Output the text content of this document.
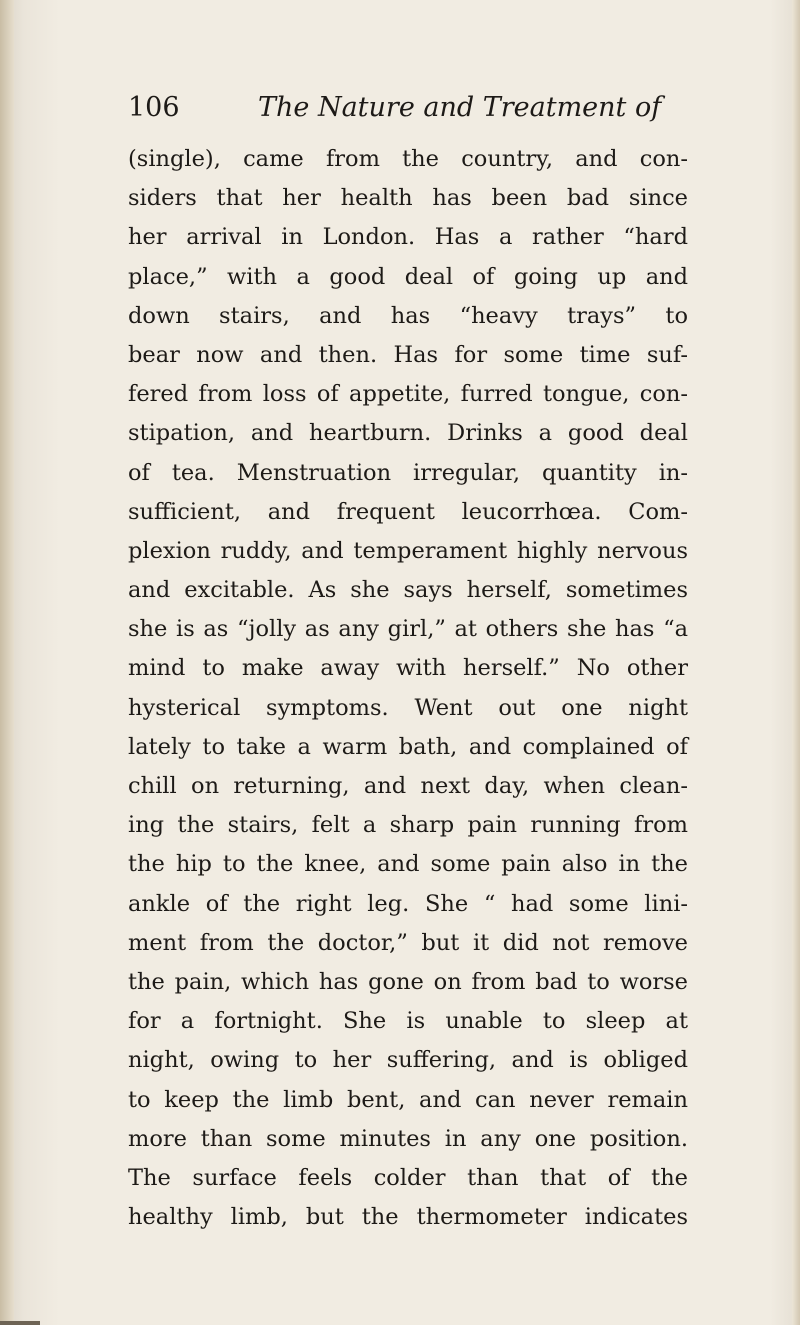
106	The Nature and Treatment of
(single), came from the country, and con-
siders that her health has been bad since
her arrival in London. Has a rather “hard
place,” with a good deal of going up and
down stairs, and has “heavy trays” to
bear now and then. Has for some time suf-
fered from loss of appetite, furred tongue, con-
stipation, and heartburn. Drinks a good deal
of tea. Menstruation irregular, quantity in-
sufficient, and frequent leucorrhœa. Com-
plexion ruddy, and temperament highly nervous
and excitable. As she says herself, sometimes
she is as “jolly as any girl,” at others she has “a
mind to make away with herself.” No other
hysterical symptoms. Went out one night
lately to take a warm bath, and complained of
chill on returning, and next day, when clean-
ing the stairs, felt a sharp pain running from
the hip to the knee, and some pain also in the
ankle of the right leg. She “ had some lini-
ment from the doctor,” but it did not remove
the pain, which has gone on from bad to worse
for a fortnight. She is unable to sleep at
night, owing to her suffering, and is obliged
to keep the limb bent, and can never remain
more than some minutes in any one position.
The surface feels colder than that of the
healthy limb, but the thermometer indicates
